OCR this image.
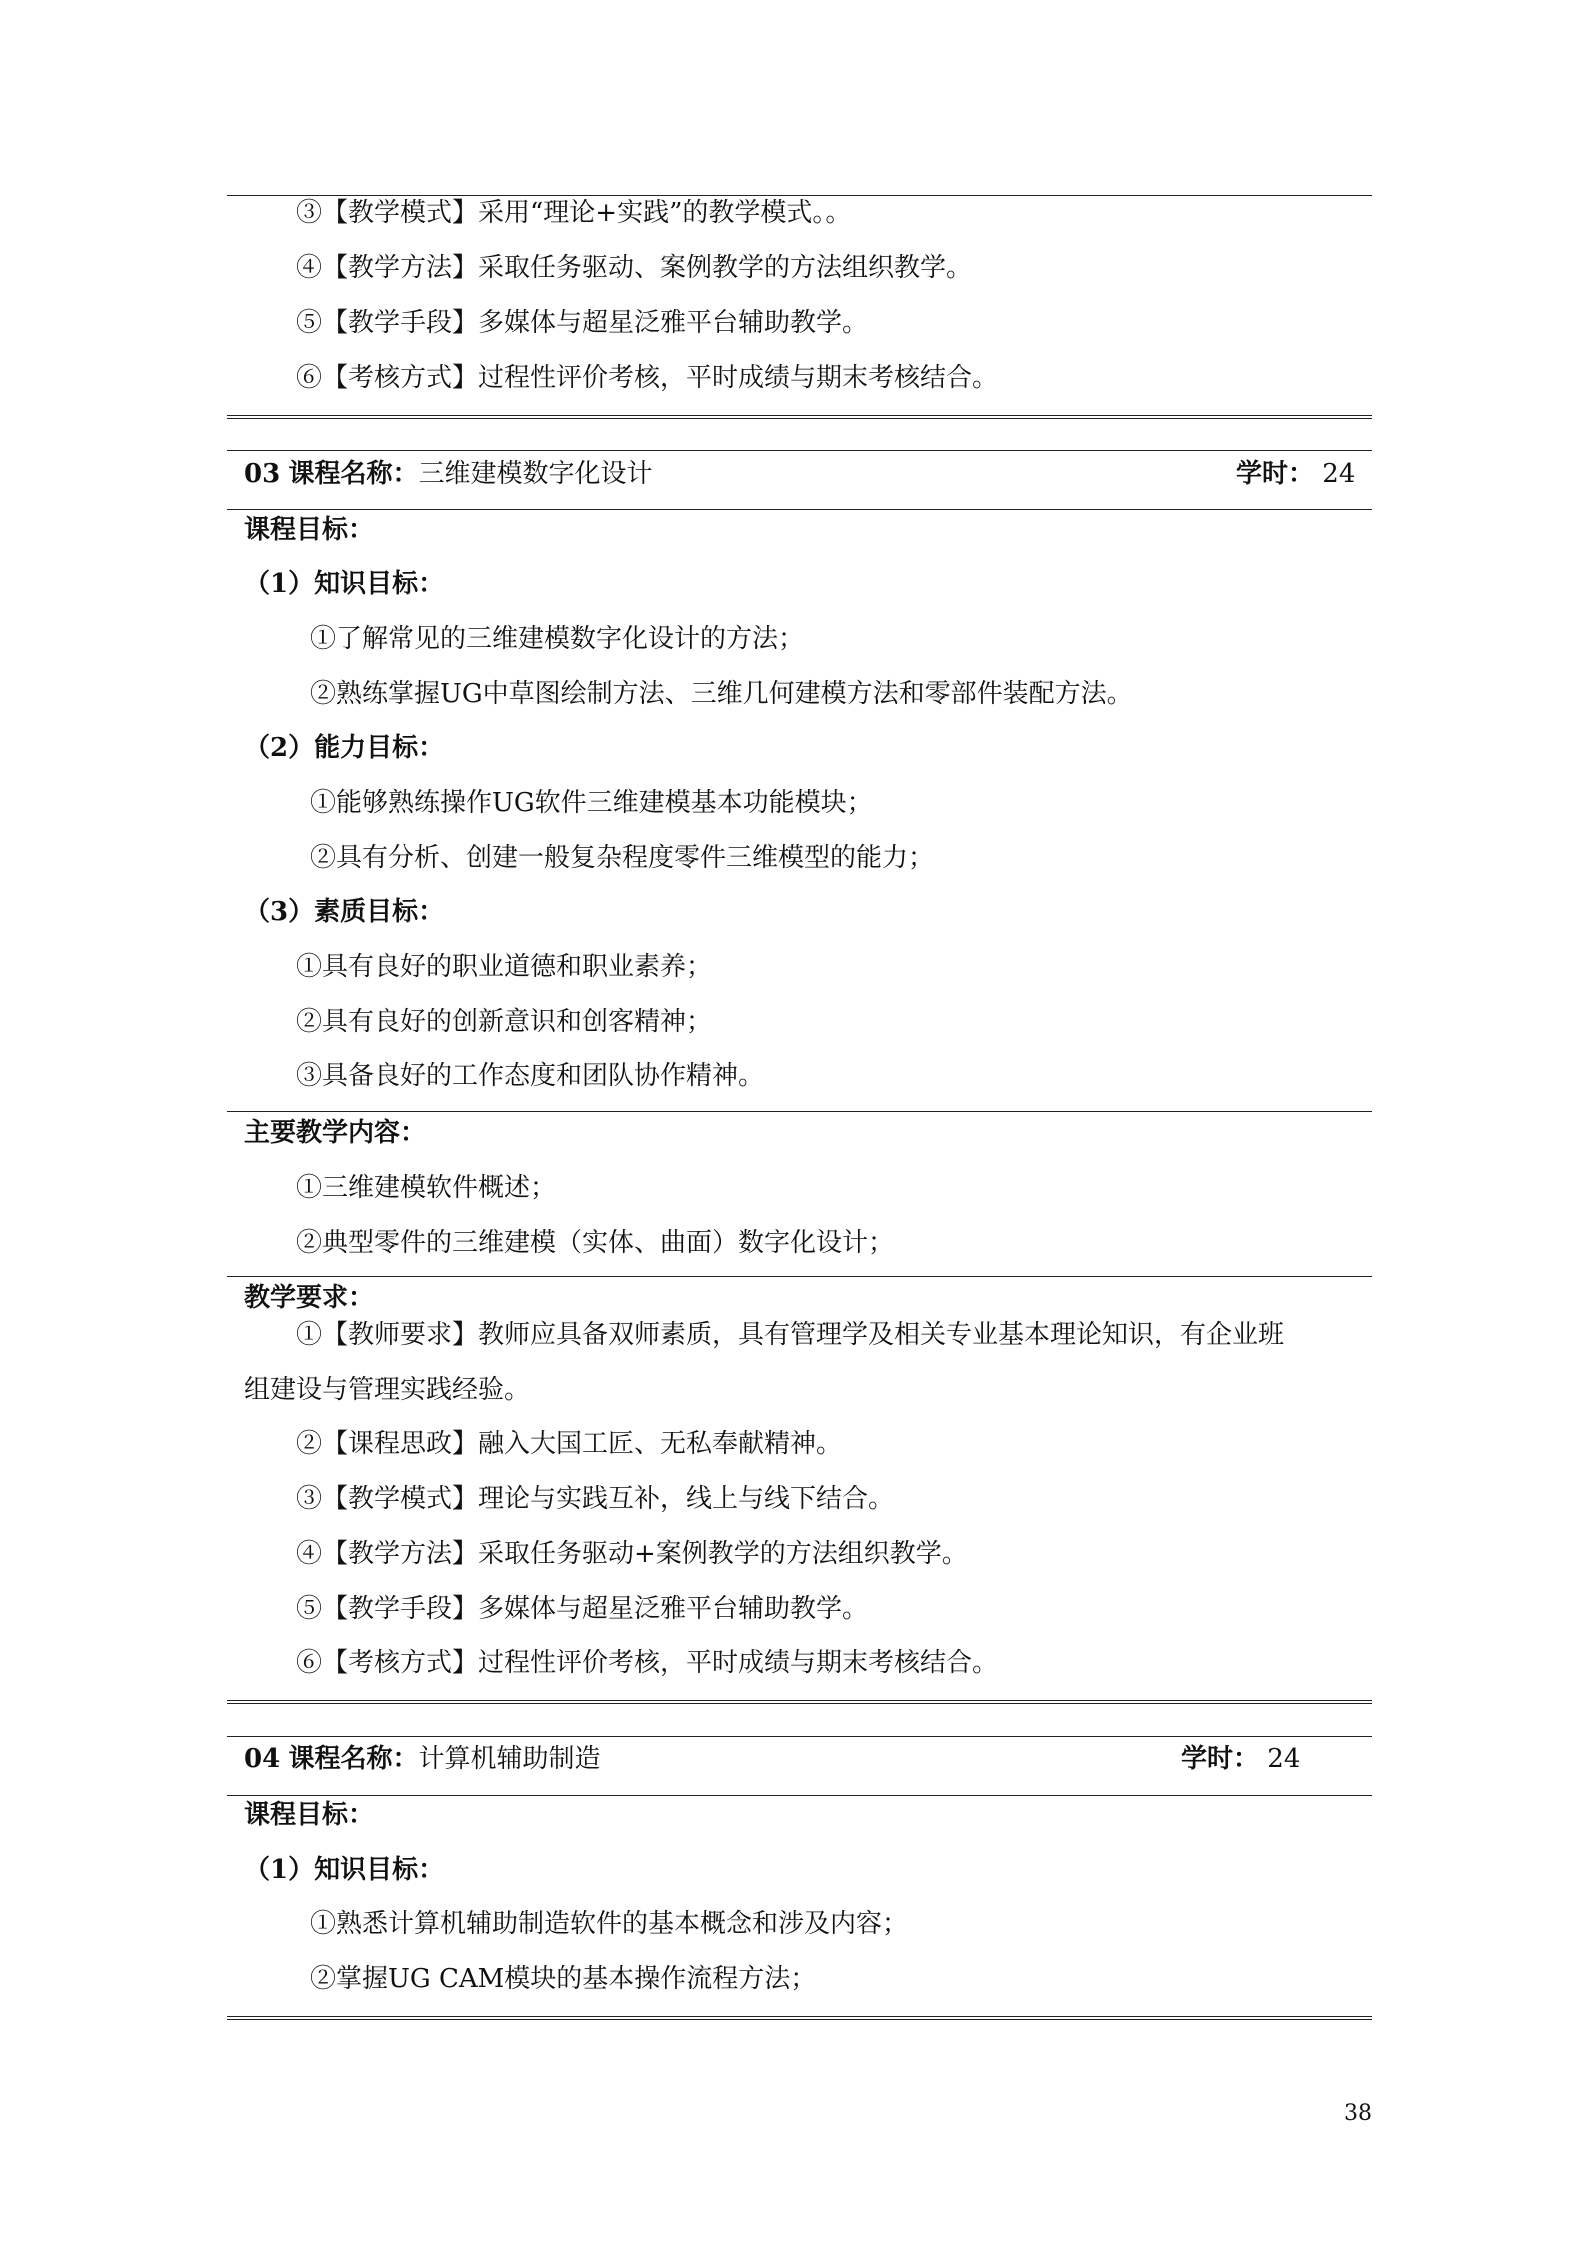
③【教学模式】采用“理论+实践”的教学模式。。
④【教学方法】采取任务驱动、案例教学的方法组织教学。
⑤【教学手段】多媒体与超星泛雅平台辅助教学。
⑥【考核方式】过程性评价考核，平时成绩与期末考核结合。
03 课程名称：三维建模数字化设计	学时： 24
课程目标：
（1）知识目标：
①了解常见的三维建模数字化设计的方法；
②熟练掌握UG中草图绘制方法、三维几何建模方法和零部件装配方法。
（2）能力目标：
①能够熟练操作UG软件三维建模基本功能模块；
②具有分析、创建一般复杂程度零件三维模型的能力；
（3）素质目标：
①具有良好的职业道德和职业素养；
②具有良好的创新意识和创客精神；
③具备良好的工作态度和团队协作精神。
主要教学内容：
①三维建模软件概述；
②典型零件的三维建模（实体、曲面）数字化设计；
教学要求：
①【教师要求】教师应具备双师素质，具有管理学及相关专业基本理论知识，有企业班
组建设与管理实践经验。
②【课程思政】融入大国工匠、无私奉献精神。
③【教学模式】理论与实践互补，线上与线下结合。
④【教学方法】采取任务驱动+案例教学的方法组织教学。
⑤【教学手段】多媒体与超星泛雅平台辅助教学。
⑥【考核方式】过程性评价考核，平时成绩与期末考核结合。
04 课程名称：计算机辅助制造	学时： 24
课程目标：
（1）知识目标：
①熟悉计算机辅助制造软件的基本概念和涉及内容；
②掌握UG CAM模块的基本操作流程方法；
38
